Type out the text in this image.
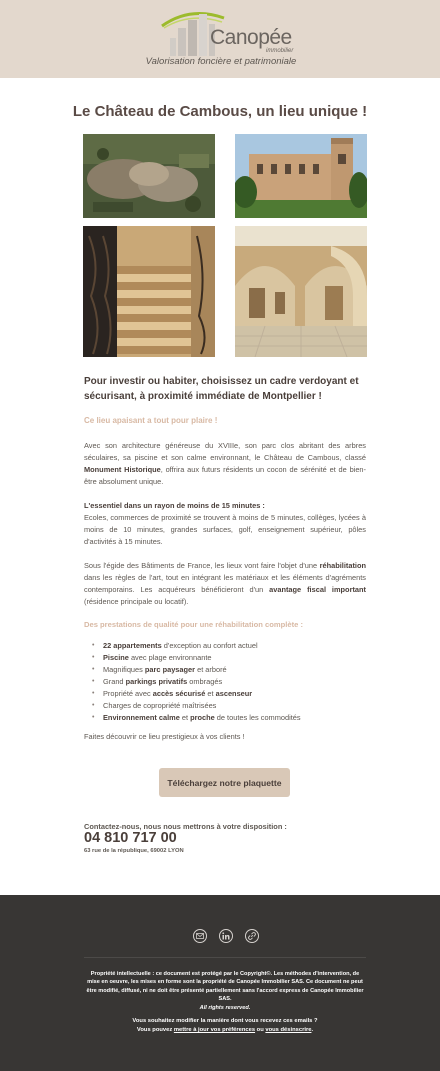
Canopée
immobilier
Valorisation foncière et patrimoniale
Le Château de Cambous, un lieu unique !
Pour investir ou habiter, choisissez un cadre verdoyant et sécurisant, à proximité immédiate de Montpellier !
Ce lieu apaisant a tout pour plaire !
Avec son architecture généreuse du XVIIIe, son parc clos abritant des arbres séculaires, sa piscine et son calme environnant, le Château de Cambous, classé Monument Historique, offrira aux futurs résidents un cocon de sérénité et de bien-être absolument unique.
L'essentiel dans un rayon de moins de 15 minutes :
Ecoles, commerces de proximité se trouvent à moins de 5 minutes, collèges, lycées à moins de 10 minutes, grandes surfaces, golf, enseignement supérieur, pôles d'activités à 15 minutes.
Sous l'égide des Bâtiments de France, les lieux vont faire l'objet d'une réhabilitation dans les règles de l'art, tout en intégrant les matériaux et les éléments d'agréments contemporains. Les acquéreurs bénéficieront d'un avantage fiscal important (résidence principale ou locatif).
Des prestations de qualité pour une réhabilitation complète :
• 22 appartements d'exception au confort actuel
• Piscine avec plage environnante
• Magnifiques parc paysager et arboré
• Grand parkings privatifs ombragés
• Propriété avec accès sécurisé et ascenseur
• Charges de copropriété maîtrisées
• Environnement calme et proche de toutes les commodités
Faites découvrir ce lieu prestigieux à vos clients !
Téléchargez notre plaquette
Contactez-nous, nous nous mettrons à votre disposition :
04 810 717 00
63 rue de la république, 69002 LYON
Propriété intellectuelle : ce document est protégé par le Copyright©. Les méthodes d'intervention, de mise en oeuvre, les mises en forme sont la propriété de Canopée Immobilier SAS. Ce document ne peut être modifié, diffusé, ni ne doit être présenté partiellement sans l'accord express de Canopée Immobilier SAS.
All rights reserved.
Vous souhaitez modifier la manière dont vous recevez ces emails ?
Vous pouvez mettre à jour vos préférences ou vous désinscrire.
